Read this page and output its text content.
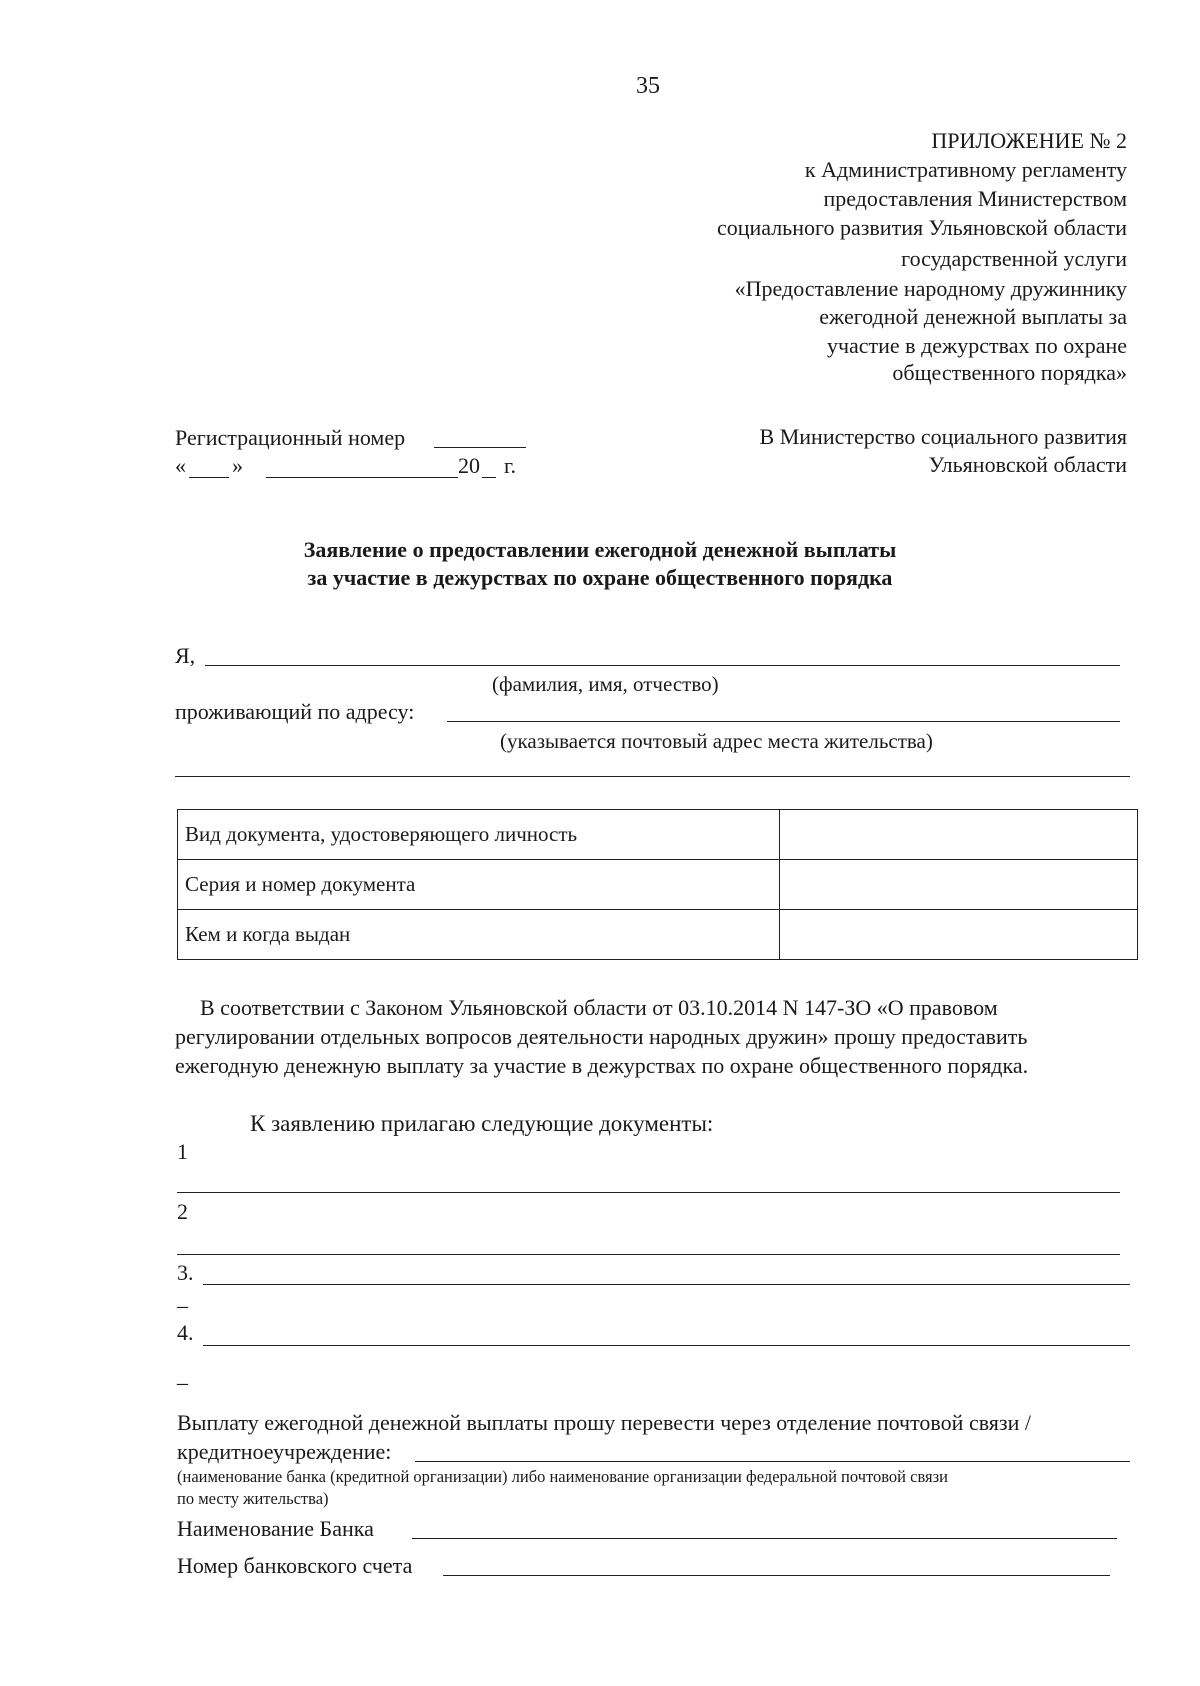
35
ПРИЛОЖЕНИЕ № 2
к Административному регламенту
предоставления Министерством
социального развития Ульяновской области
государственной услуги
«Предоставление народному дружиннику
ежегодной денежной выплаты за
участие в дежурствах по охране
общественного порядка»
Регистрационный номер
« »	20 г.
В Министерство социального развития
Ульяновской области
Заявление о предоставлении ежегодной денежной выплаты
за участие в дежурствах по охране общественного порядка
Я,
(фамилия, имя, отчество)
проживающий по адресу:
(указывается почтовый адрес места жительства)
Вид документа, удостоверяющего личность	
Серия и номер документа	
Кем и когда выдан	
В соответствии с Законом Ульяновской области от 03.10.2014 N 147-ЗО «О правовом
регулировании отдельных вопросов деятельности народных дружин» прошу предоставить
ежегодную денежную выплату за участие в дежурствах по охране общественного порядка.
К заявлению прилагаю следующие документы:
1
2
3.
_
4.
_
Выплату ежегодной денежной выплаты прошу перевести через отделение почтовой связи /
кредитноеучреждение:
(наименование банка (кредитной организации) либо наименование организации федеральной почтовой связи
по месту жительства)
Наименование Банка
Номер банковского счета
